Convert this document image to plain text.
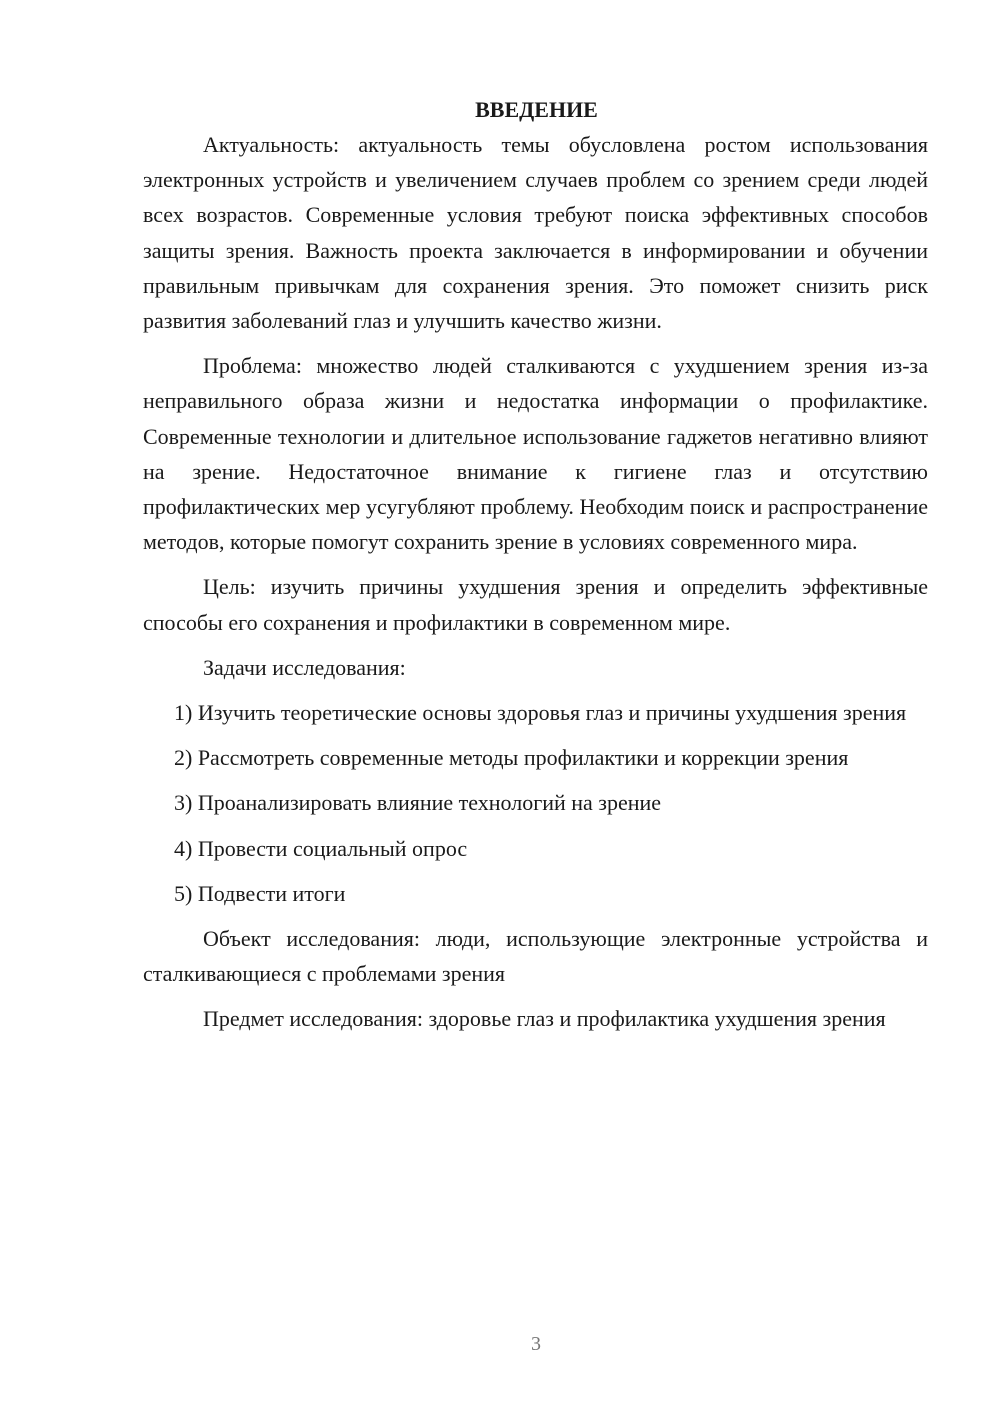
ВВЕДЕНИЕ

Актуальность: актуальность темы обусловлена ростом использования электронных устройств и увеличением случаев проблем со зрением среди людей всех возрастов. Современные условия требуют поиска эффективных способов защиты зрения. Важность проекта заключается в информировании и обучении правильным привычкам для сохранения зрения. Это поможет снизить риск развития заболеваний глаз и улучшить качество жизни.

Проблема: множество людей сталкиваются с ухудшением зрения из-за неправильного образа жизни и недостатка информации о профилактике. Современные технологии и длительное использование гаджетов негативно влияют на зрение. Недостаточное внимание к гигиене глаз и отсутствию профилактических мер усугубляют проблему. Необходим поиск и распространение методов, которые помогут сохранить зрение в условиях современного мира.

Цель: изучить причины ухудшения зрения и определить эффективные способы его сохранения и профилактики в современном мире.

Задачи исследования:

1) Изучить теоретические основы здоровья глаз и причины ухудшения зрения

2) Рассмотреть современные методы профилактики и коррекции зрения

3) Проанализировать влияние технологий на зрение

4) Провести социальный опрос

5) Подвести итоги

Объект исследования: люди, использующие электронные устройства и сталкивающиеся с проблемами зрения

Предмет исследования: здоровье глаз и профилактика ухудшения зрения

3
